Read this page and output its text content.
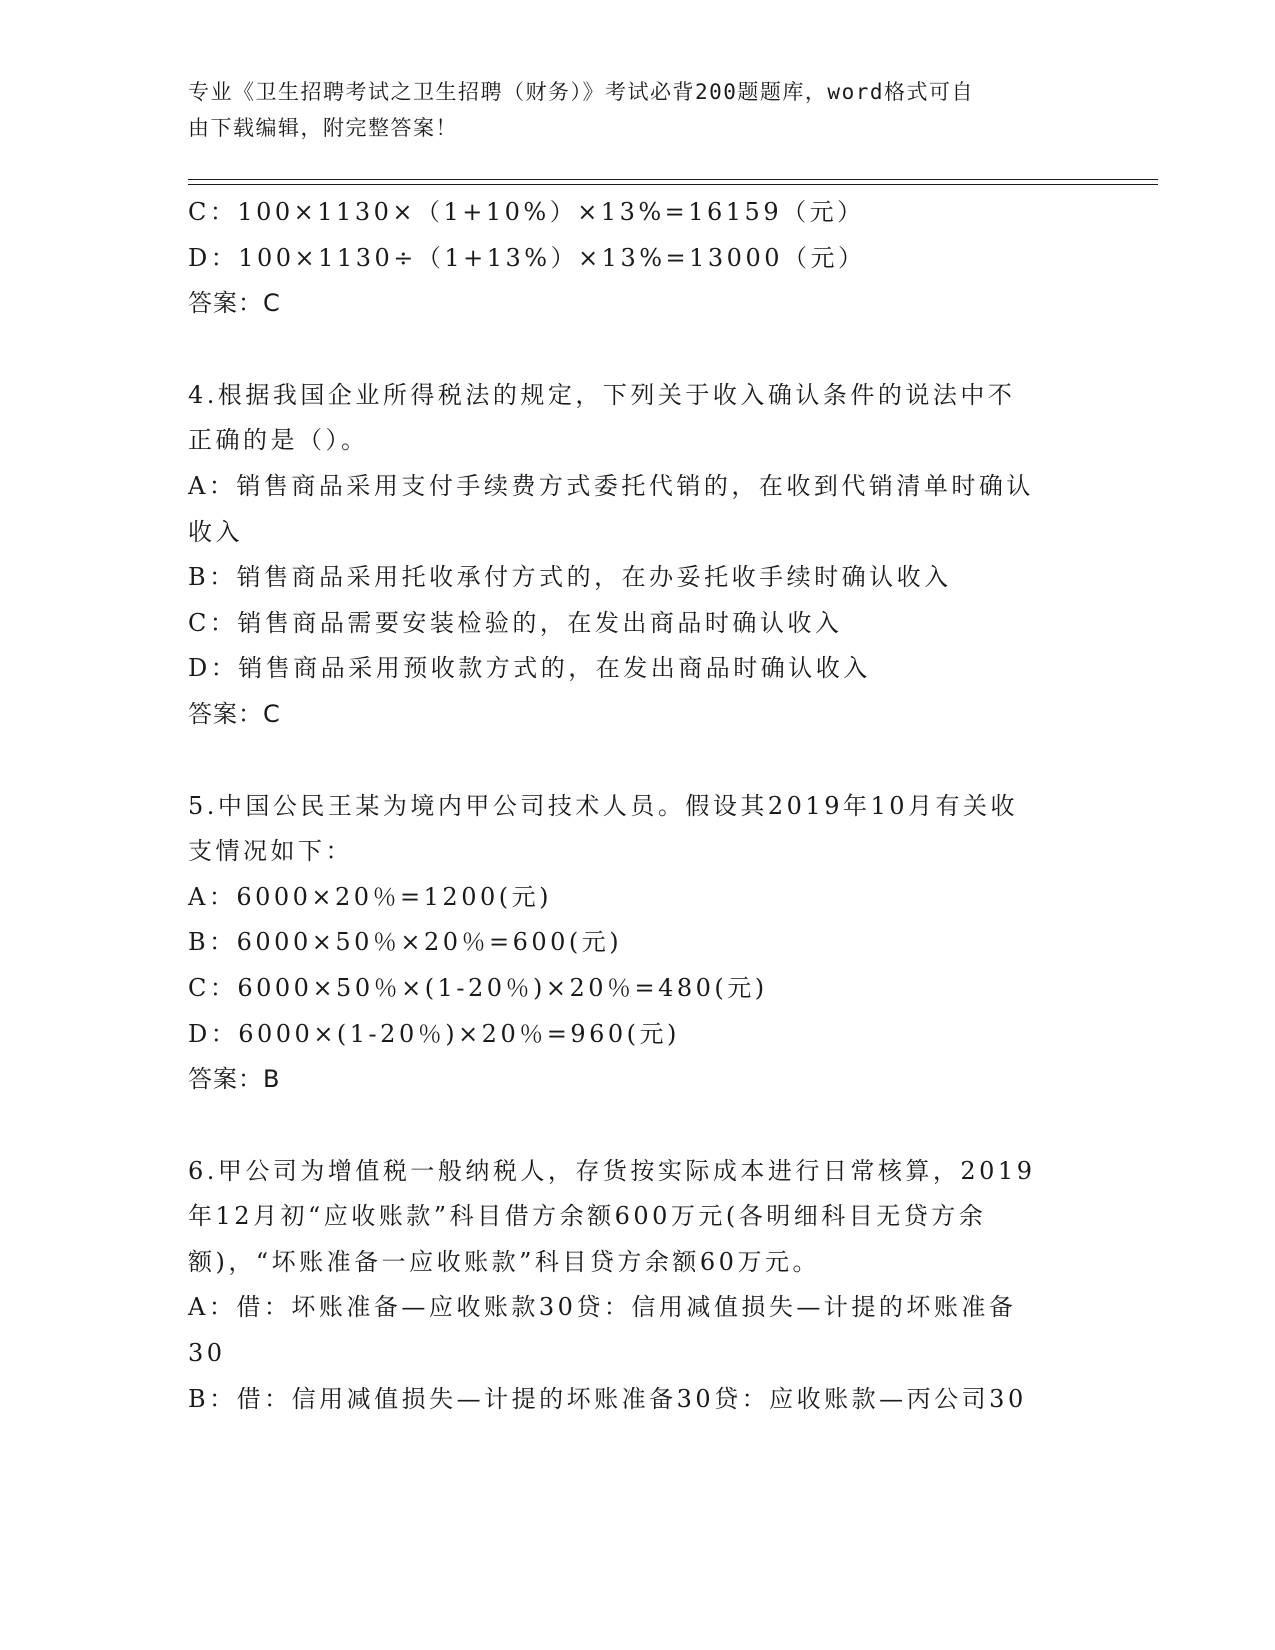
专业《卫生招聘考试之卫生招聘（财务）》考试必背200题题库，word格式可自
由下载编辑，附完整答案！
C：100×1130×（1+10%）×13%=16159（元）
D：100×1130÷（1+13%）×13%=13000（元）
答案：C
4.根据我国企业所得税法的规定，下列关于收入确认条件的说法中不
正确的是（）。
A：销售商品采用支付手续费方式委托代销的，在收到代销清单时确认
收入
B：销售商品采用托收承付方式的，在办妥托收手续时确认收入
C：销售商品需要安装检验的，在发出商品时确认收入
D：销售商品采用预收款方式的，在发出商品时确认收入
答案：C
5.中国公民王某为境内甲公司技术人员。假设其2019年10月有关收
支情况如下：
A：6000×20％=1200(元)
B：6000×50％×20％=600(元)
C：6000×50％×(1-20％)×20％=480(元)
D：6000×(1-20％)×20％=960(元)
答案：B
6.甲公司为增值税一般纳税人，存货按实际成本进行日常核算，2019
年12月初“应收账款”科目借方余额600万元(各明细科目无贷方余
额)，“坏账准备一应收账款”科目贷方余额60万元。
A：借：坏账准备—应收账款30贷：信用减值损失—计提的坏账准备
30
B：借：信用减值损失—计提的坏账准备30贷：应收账款—丙公司30
